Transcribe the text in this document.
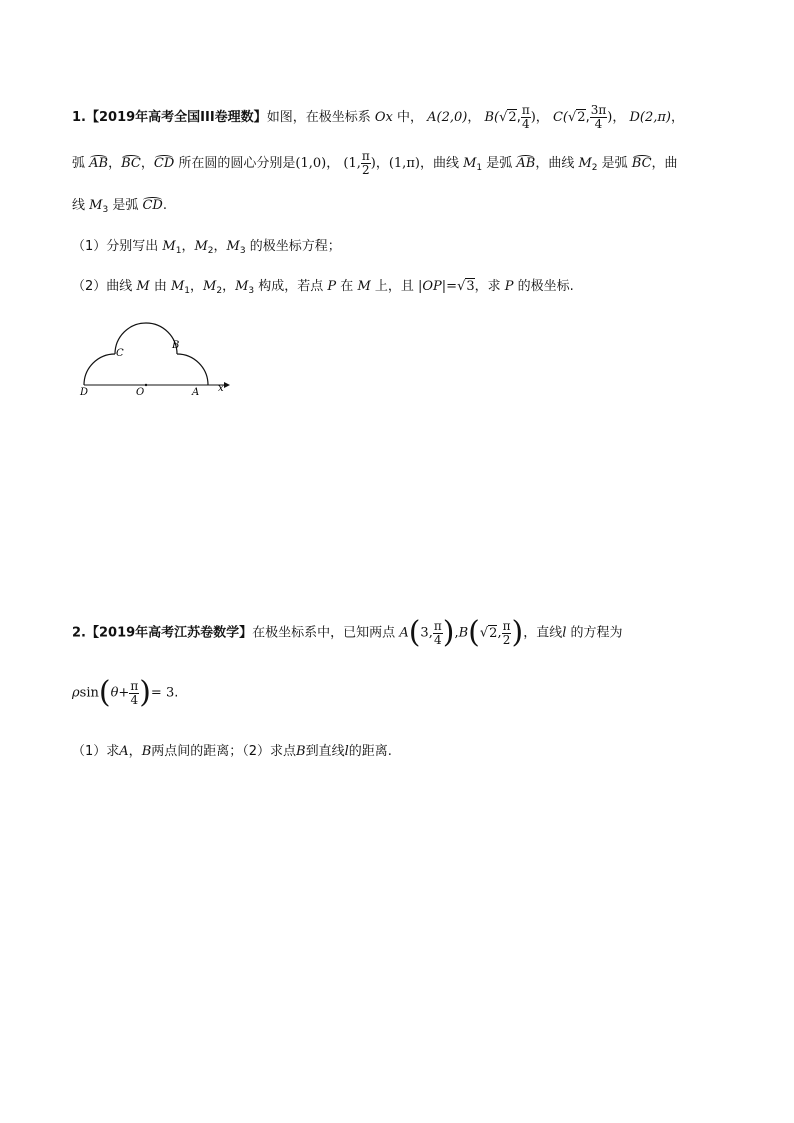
1.【2019年高考全国III卷理数】如图，在极坐标系 Ox 中， A(2,0)， B(√2, $\frac{\pi}{4}$ )， C(√2, $\frac{3\pi}{4}$ )， D(2,π)，
弧 AB，BC，CD 所在圆的圆心分别是(1,0)， (1, $\frac{\pi}{2}$ )，(1,π)，曲线 $M_1$ 是弧 AB，曲线 $M_2$ 是弧 BC，曲
线 $M_3$ 是弧 CD.
（1）分别写出 $M_1$，$M_2$，$M_3$ 的极坐标方程；
（2）曲线 M 由 $M_1$，$M_2$，$M_3$ 构成，若点 P 在 M 上，且 |OP|=√3，求 P 的极坐标.
C
B
D	O	A x
2.【2019年高考江苏卷数学】在极坐标系中，已知两点 A(3, $\frac{\pi}{4} ),B(√2$, $\frac{\pi}{2}$ )，直线l 的方程为
$\rho\sin(\theta+ \frac{\pi}{4}$ )= 3.
（1）求A，B两点间的距离；（2）求点B到直线l的距离.
